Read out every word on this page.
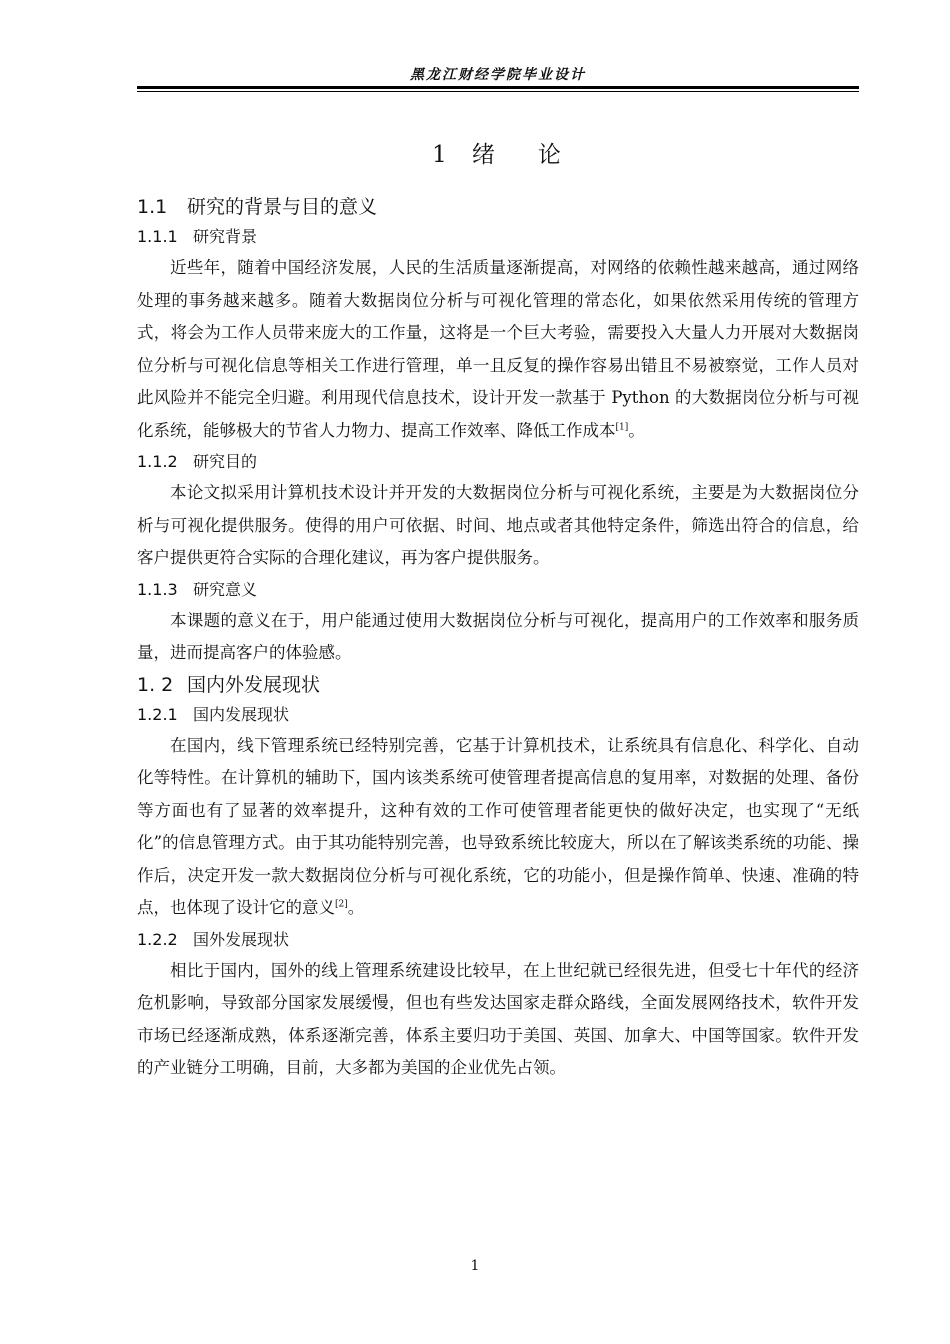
黑龙江财经学院毕业设计
1 绪 论
1.1 研究的背景与目的意义
1.1.1 研究背景

近些年，随着中国经济发展，人民的生活质量逐渐提高，对网络的依赖性越来越高，通过网络处理的事务越来越多。随着大数据岗位分析与可视化管理的常态化，如果依然采用传统的管理方式，将会为工作人员带来庞大的工作量，这将是一个巨大考验，需要投入大量人力开展对大数据岗位分析与可视化信息等相关工作进行管理，单一且反复的操作容易出错且不易被察觉，工作人员对此风险并不能完全归避。利用现代信息技术，设计开发一款基于 Python 的大数据岗位分析与可视化系统，能够极大的节省人力物力、提高工作效率、降低工作成本[1]。

1.1.2 研究目的

本论文拟采用计算机技术设计并开发的大数据岗位分析与可视化系统，主要是为大数据岗位分析与可视化提供服务。使得的用户可依据、时间、地点或者其他特定条件，筛选出符合的信息，给客户提供更符合实际的合理化建议，再为客户提供服务。

1.1.3 研究意义

本课题的意义在于，用户能通过使用大数据岗位分析与可视化，提高用户的工作效率和服务质量，进而提高客户的体验感。

1. 2 国内外发展现状
1.2.1 国内发展现状

在国内，线下管理系统已经特别完善，它基于计算机技术，让系统具有信息化、科学化、自动化等特性。在计算机的辅助下，国内该类系统可使管理者提高信息的复用率，对数据的处理、备份等方面也有了显著的效率提升，这种有效的工作可使管理者能更快的做好决定，也实现了“无纸化”的信息管理方式。由于其功能特别完善，也导致系统比较庞大，所以在了解该类系统的功能、操作后，决定开发一款大数据岗位分析与可视化系统，它的功能小，但是操作简单、快速、准确的特点，也体现了设计它的意义[2]。

1.2.2 国外发展现状

相比于国内，国外的线上管理系统建设比较早，在上世纪就已经很先进，但受七十年代的经济危机影响，导致部分国家发展缓慢，但也有些发达国家走群众路线，全面发展网络技术，软件开发市场已经逐渐成熟，体系逐渐完善，体系主要归功于美国、英国、加拿大、中国等国家。软件开发的产业链分工明确，目前，大多都为美国的企业优先占领。

1
